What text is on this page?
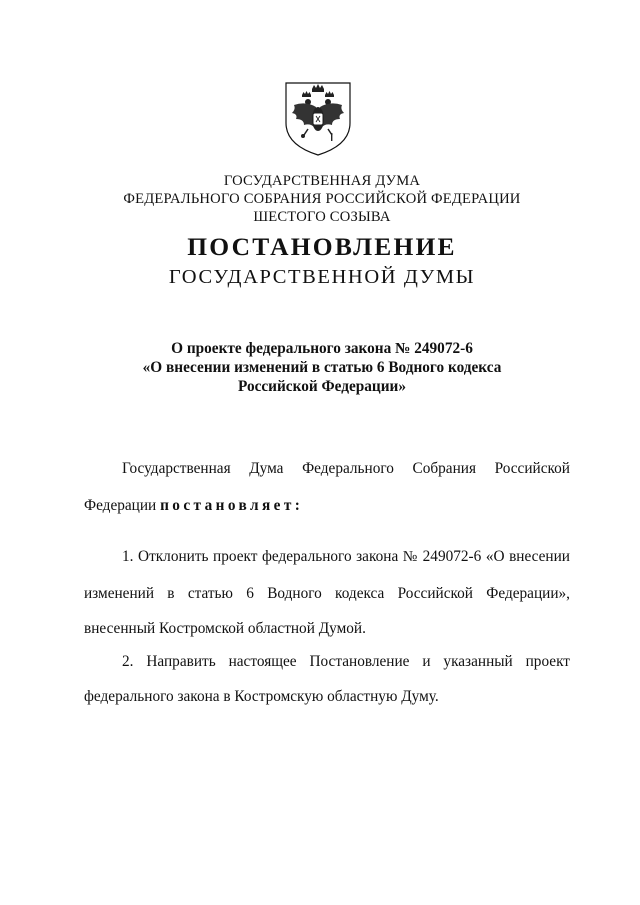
ГОСУДАРСТВЕННАЯ ДУМА
ФЕДЕРАЛЬНОГО СОБРАНИЯ РОССИЙСКОЙ ФЕДЕРАЦИИ
ШЕСТОГО СОЗЫВА
ПОСТАНОВЛЕНИЕ
ГОСУДАРСТВЕННОЙ ДУМЫ
О проекте федерального закона № 249072-6
«О внесении изменений в статью 6 Водного кодекса
Российской Федерации»
Государственная Дума Федерального Собрания Российской
Федерации постановляет:
1. Отклонить проект федерального закона № 249072-6 «О внесении
изменений в статью 6 Водного кодекса Российской Федерации»,
внесенный Костромской областной Думой.
2. Направить настоящее Постановление и указанный проект
федерального закона в Костромскую областную Думу.
